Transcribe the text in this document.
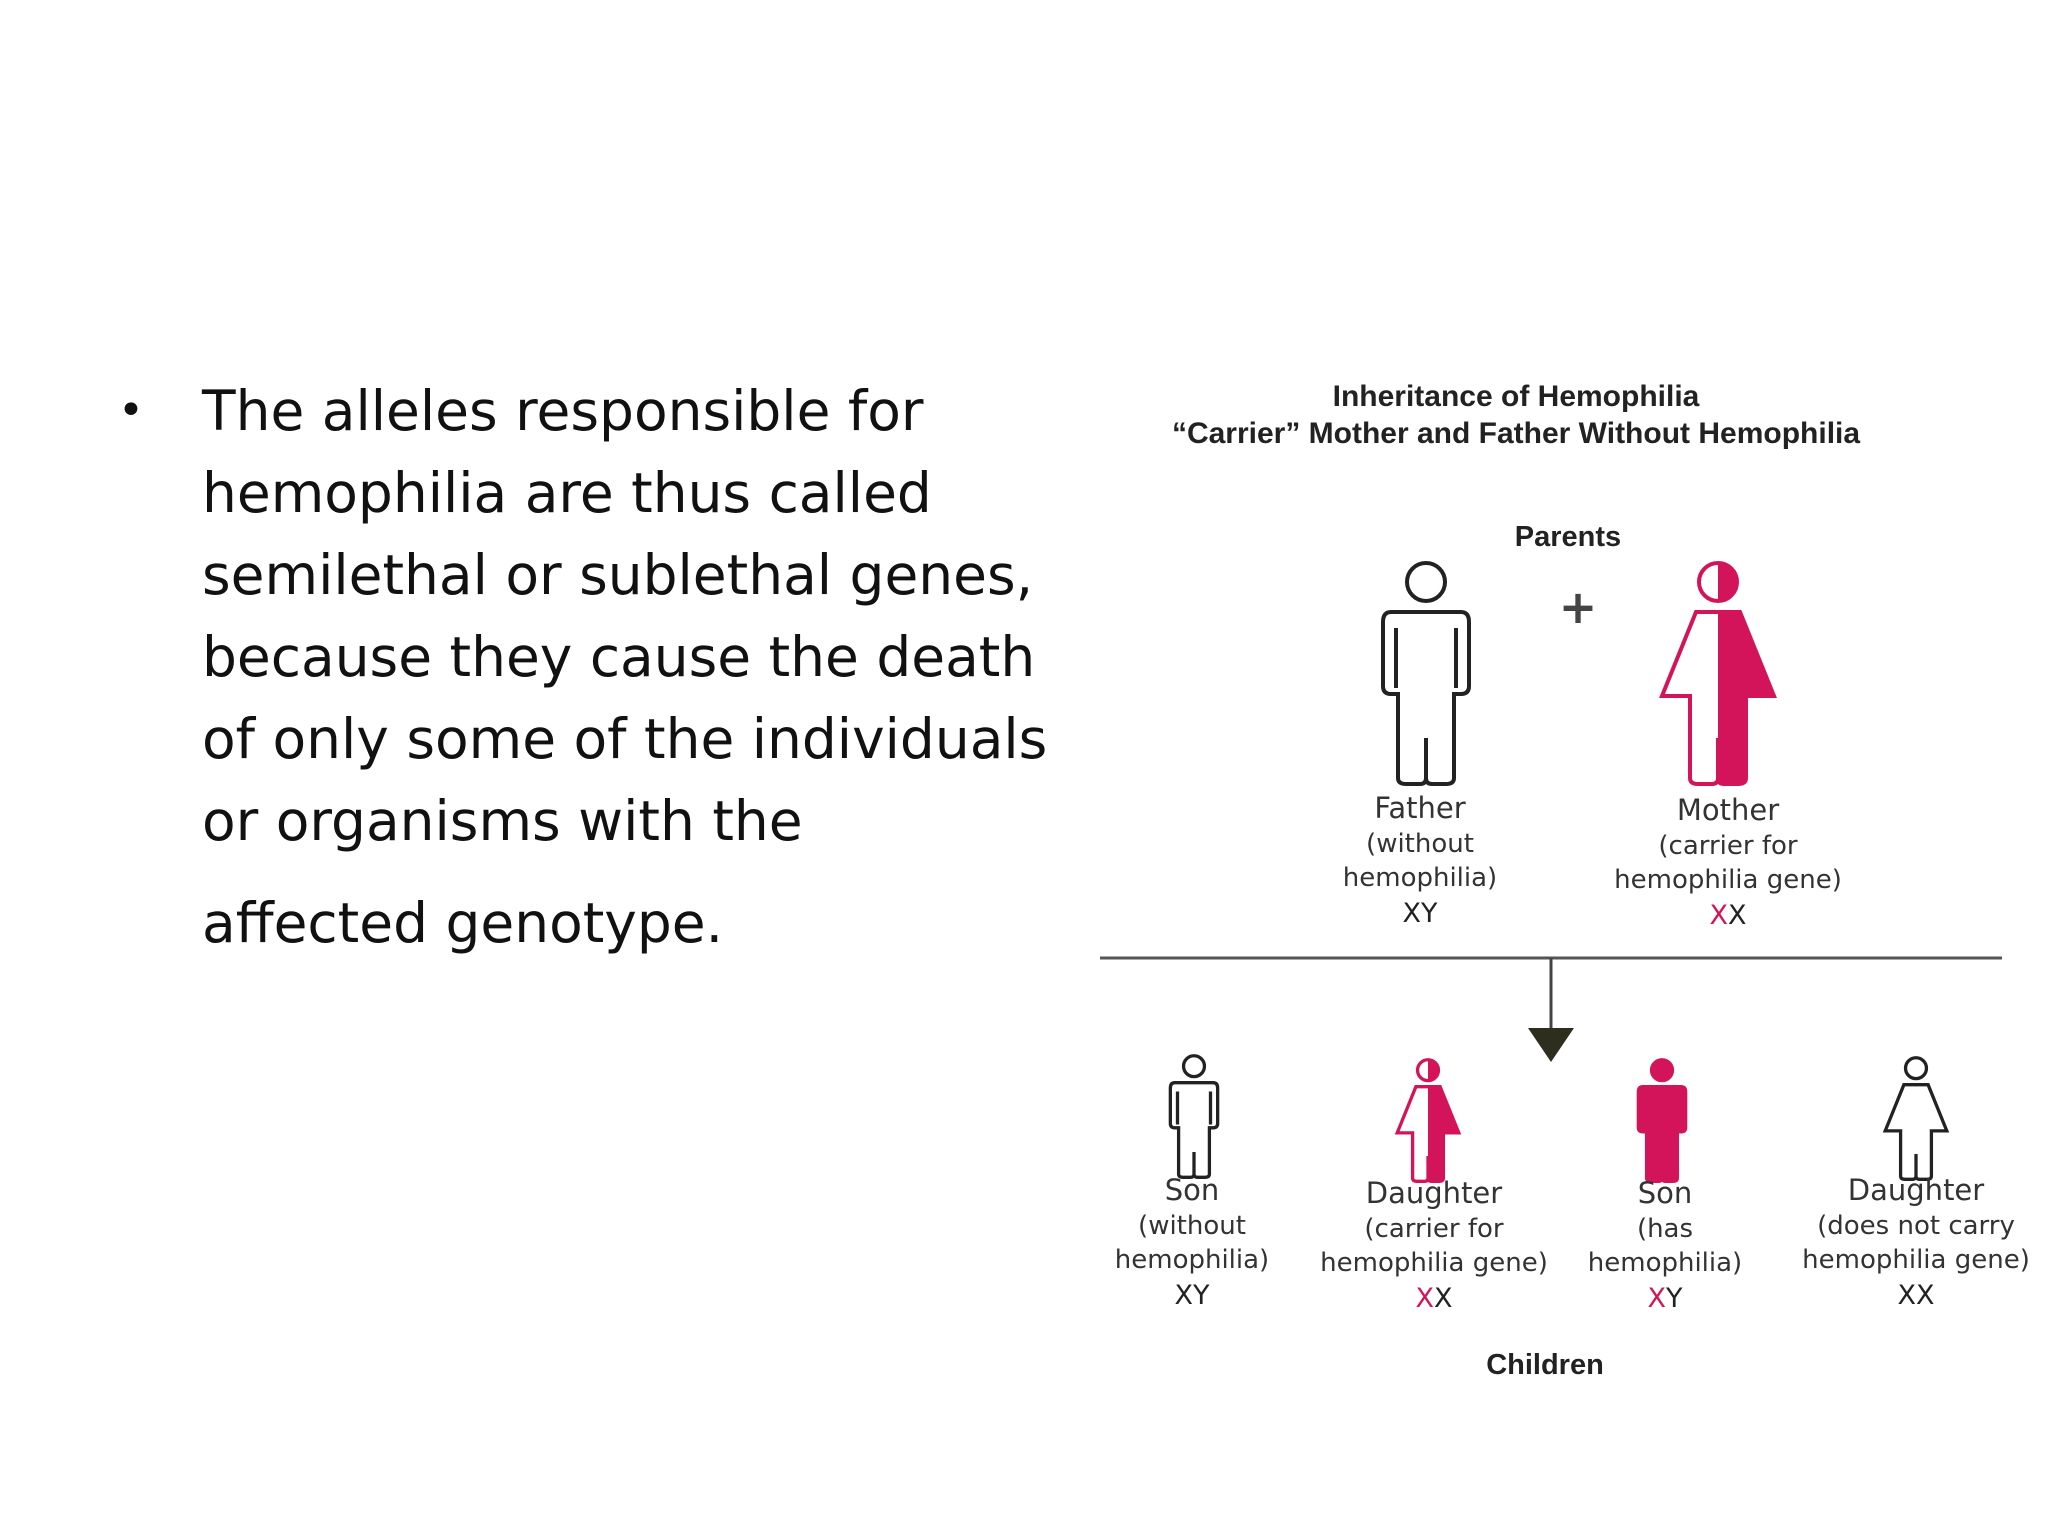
•	The alleles responsible for
hemophilia are thus called
semilethal or sublethal genes,
because they cause the death
of only some of the individuals
or organisms with the
affected genotype.
Inheritance of Hemophilia
“Carrier” Mother and Father Without Hemophilia
Parents
+
Father
(without
hemophilia)
XY
Mother
(carrier for
hemophilia gene)
XX
Son
(without
hemophilia)
XY
Daughter
(carrier for
hemophilia gene)
XX
Son
(has
hemophilia)
XY
Daughter
(does not carry
hemophilia gene)
XX
Children
